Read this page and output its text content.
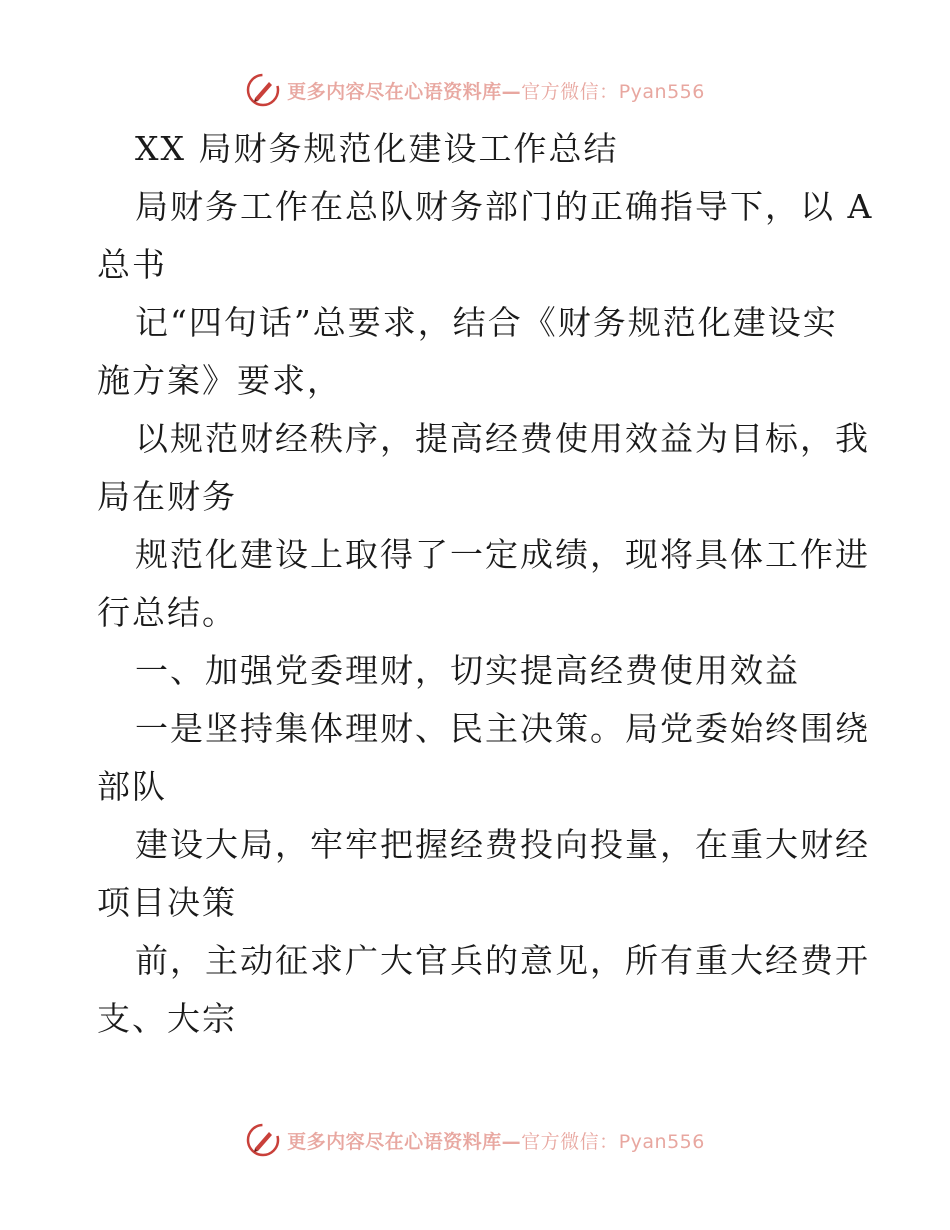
更多内容尽在心语资料库—官方微信：Pyan556
XX 局财务规范化建设工作总结
局财务工作在总队财务部门的正确指导下，以 A
总书
记“四句话”总要求，结合《财务规范化建设实
施方案》要求，
以规范财经秩序，提高经费使用效益为目标，我
局在财务
规范化建设上取得了一定成绩，现将具体工作进
行总结。
一、加强党委理财，切实提高经费使用效益
一是坚持集体理财、民主决策。局党委始终围绕
部队
建设大局，牢牢把握经费投向投量，在重大财经
项目决策
前，主动征求广大官兵的意见，所有重大经费开
支、大宗
更多内容尽在心语资料库—官方微信：Pyan556
